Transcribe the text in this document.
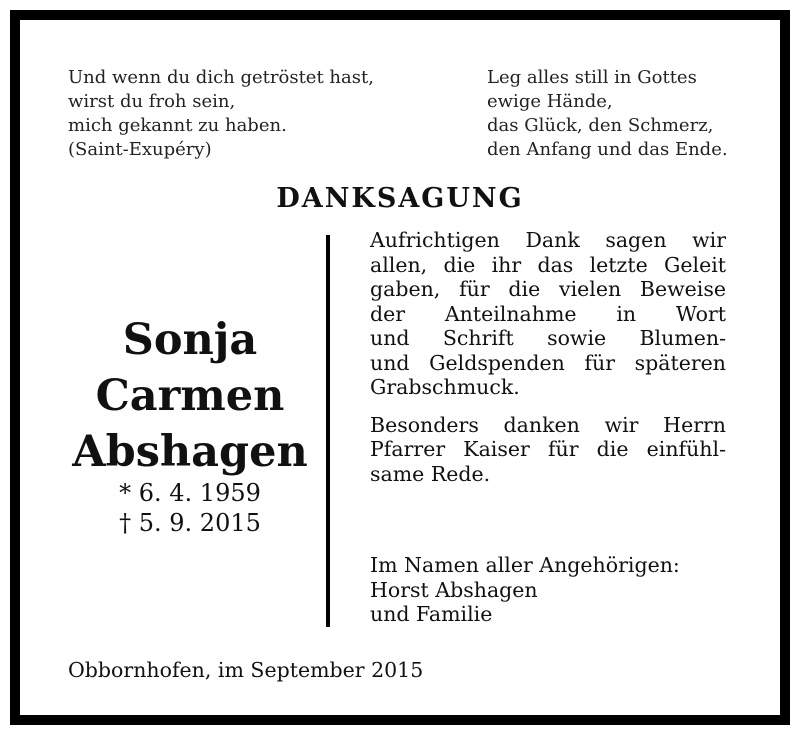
Und wenn du dich getröstet hast,
wirst du froh sein,
mich gekannt zu haben.
(Saint-Exupéry)

Leg alles still in Gottes
ewige Hände,
das Glück, den Schmerz,
den Anfang und das Ende.

DANKSAGUNG
Sonja
Carmen
Abshagen
* 6. 4. 1959
† 5. 9. 2015

Aufrichtigen Dank sagen wir
allen, die ihr das letzte Geleit
gaben, für die vielen Beweise
der Anteilnahme in Wort
und Schrift sowie Blumen-
und Geldspenden für späteren
Grabschmuck.

Besonders danken wir Herrn
Pfarrer Kaiser für die einfühl-
same Rede.

Im Namen aller Angehörigen:
Horst Abshagen
und Familie
Obbornhofen, im September 2015
